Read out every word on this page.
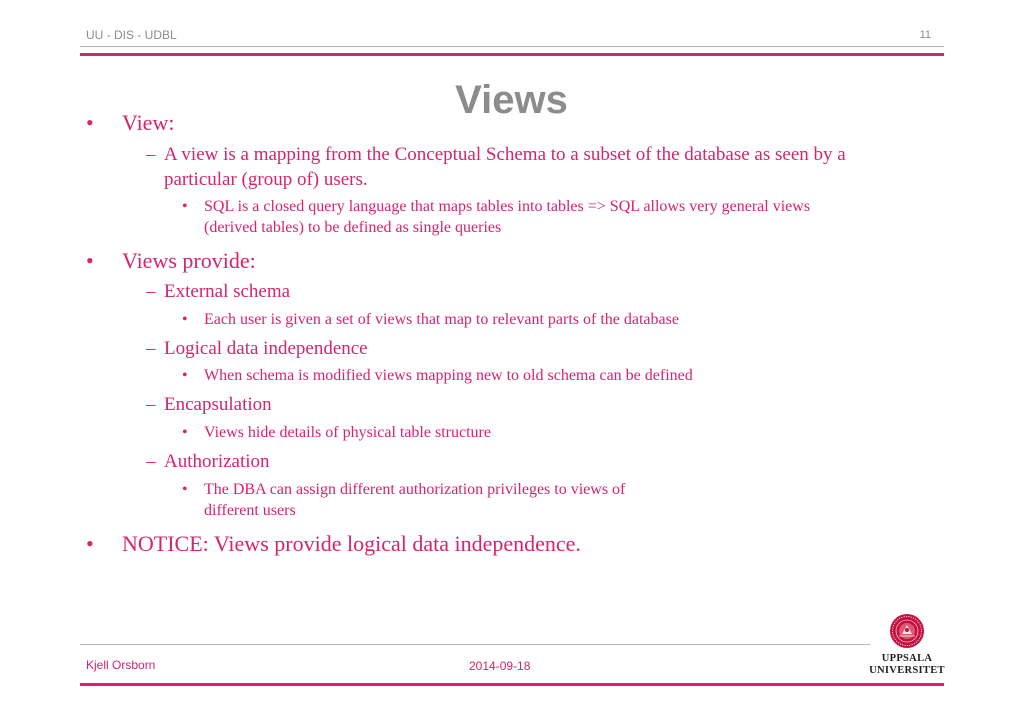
UU - DIS - UDBL	11
Views
• View:
– A view is a mapping from the Conceptual Schema to a subset of the database as seen by a
particular (group of) users.
• SQL is a closed query language that maps tables into tables => SQL allows very general views
(derived tables) to be defined as single queries
• Views provide:
– External schema
• Each user is given a set of views that map to relevant parts of the database
– Logical data independence
• When schema is modified views mapping new to old schema can be defined
– Encapsulation
• Views hide details of physical table structure
– Authorization
• The DBA can assign different authorization privileges to views of
different users
• NOTICE: Views provide logical data independence.
Kjell Orsborn	2014-09-18
UPPSALA
UNIVERSITET
